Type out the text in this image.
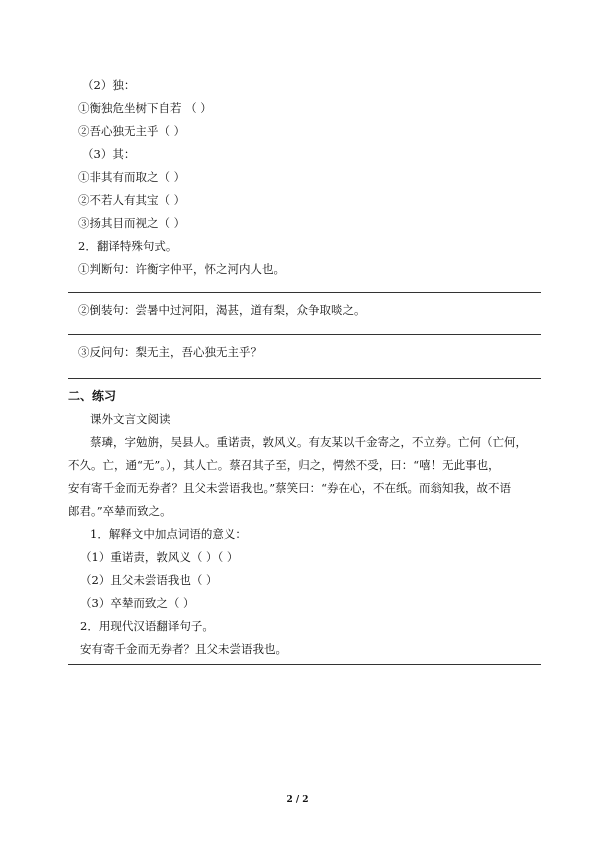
（2）独：
①衡独危坐树下自若 （ ）
②吾心独无主乎（ ）
（3）其：
①非其有而取之（ ）
②不若人有其宝（ ）
③扬其目而视之（ ）
2．翻译特殊句式。
①判断句：许衡字仲平，怀之河内人也。
②倒装句：尝暑中过河阳，渴甚，道有梨，众争取啖之。
③反问句：梨无主，吾心独无主乎？
二、练习
课外文言文阅读
蔡璘，字勉旃，吴县人。重诺责，敦风义。有友某以千金寄之，不立券。亡何（亡何，
不久。亡，通“无”。），其人亡。蔡召其子至，归之，愕然不受，曰：“嘻！无此事也，
安有寄千金而无券者？且父未尝语我也。”蔡笑曰：“券在心，不在纸。而翁知我，故不语
郎君。”卒辇而致之。
1．解释文中加点词语的意义：
（1）重诺责，敦风义（ ）（ ）
（2）且父未尝语我也（ ）
（3）卒辇而致之（ ）
2．用现代汉语翻译句子。
安有寄千金而无券者？且父未尝语我也。
2 / 2
